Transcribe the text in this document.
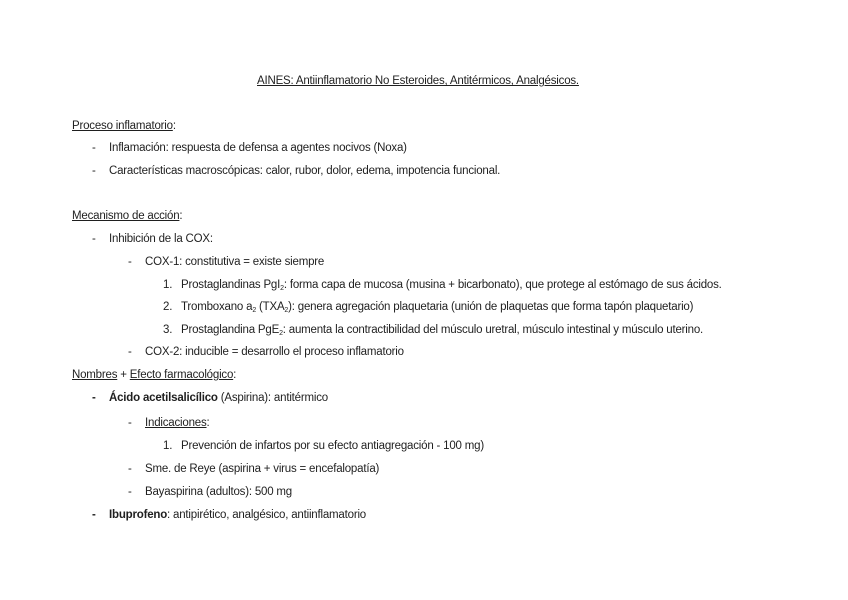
AINES: Antiinflamatorio No Esteroides, Antitérmicos, Analgésicos.
Proceso inflamatorio:
- Inflamación: respuesta de defensa a agentes nocivos (Noxa)
- Características macroscópicas: calor, rubor, dolor, edema, impotencia funcional.
Mecanismo de acción:
- Inhibición de la COX:
- COX-1: constitutiva = existe siempre
1. Prostaglandinas PgI$_2$: forma capa de mucosa (musina + bicarbonato), que protege al estómago de sus ácidos.
2. Tromboxano $a_2$ $(TXA_2)$: genera agregación plaquetaria (unión de plaquetas que forma tapón plaquetario)
3. Prostaglandina PgE$_2$: aumenta la contractibilidad del músculo uretral, músculo intestinal y músculo uterino.
- COX-2: inducible = desarrollo el proceso inflamatorio
Nombres + Efecto farmacológico:
- Ácido acetilsalicílico (Aspirina): antitérmico
- Indicaciones:
1. Prevención de infartos por su efecto antiagregación - 100 mg)
- Sme. de Reye (aspirina + virus = encefalopatía)
- Bayaspirina (adultos): 500 mg
- Ibuprofeno: antipirético, analgésico, antiinflamatorio
